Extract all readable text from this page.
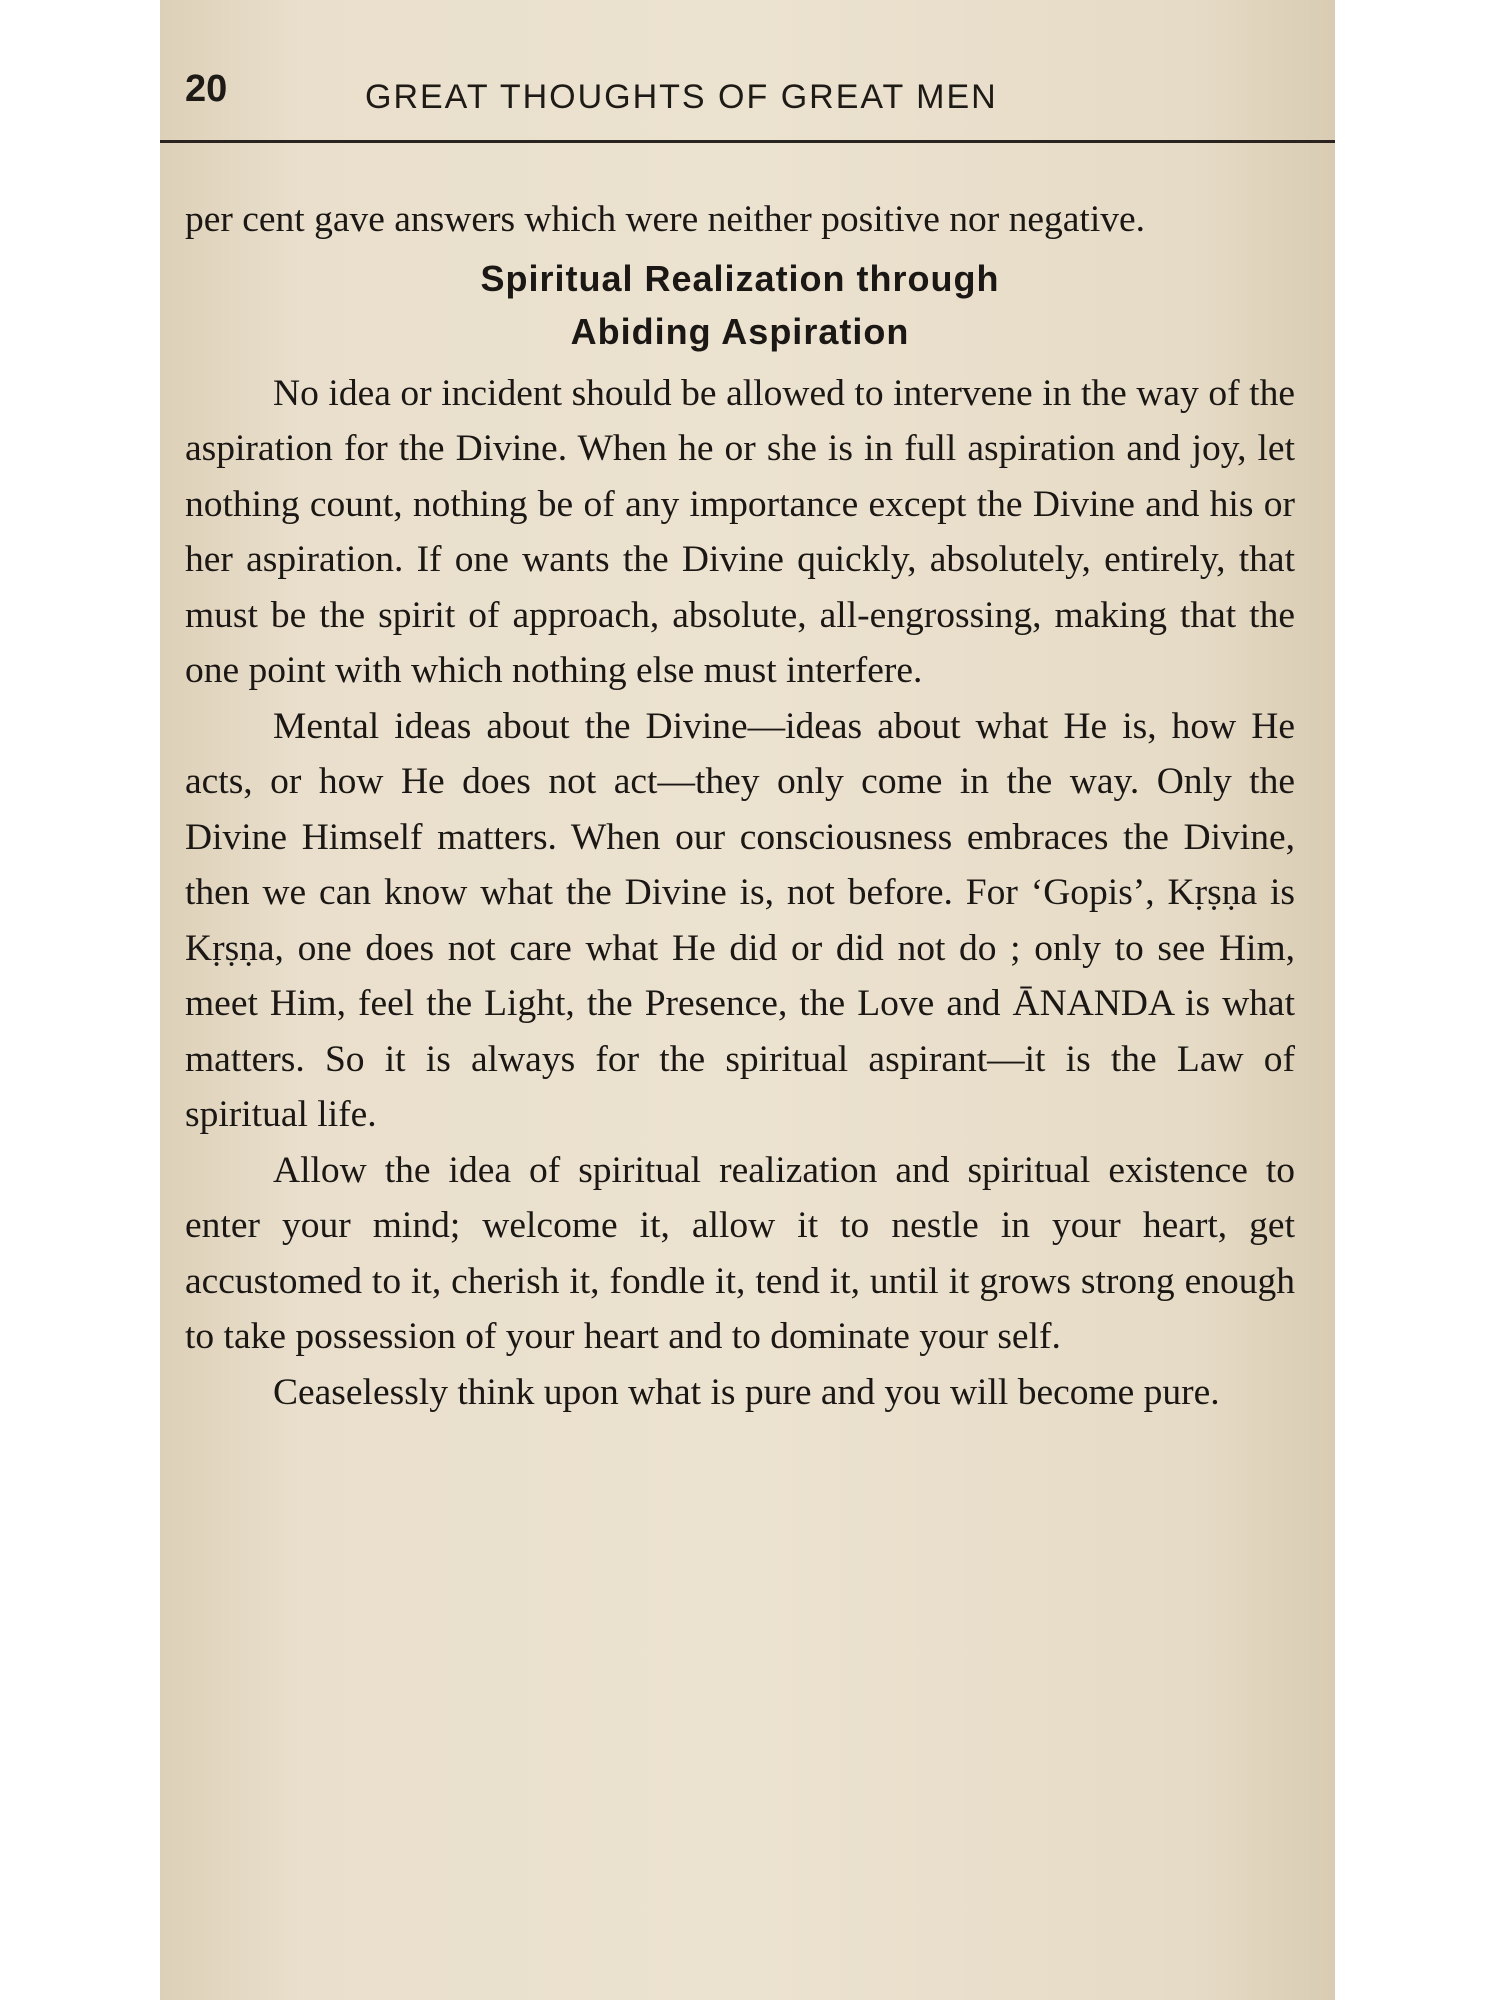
20	GREAT THOUGHTS OF GREAT MEN

per cent gave answers which were neither positive nor negative.

Spiritual Realization through
Abiding Aspiration

No idea or incident should be allowed to intervene in the way of the aspiration for the Divine. When he or she is in full aspiration and joy, let nothing count, nothing be of any importance except the Divine and his or her aspiration. If one wants the Divine quickly, absolutely, entirely, that must be the spirit of approach, absolute, all-engrossing, making that the one point with which nothing else must interfere.

Mental ideas about the Divine—ideas about what He is, how He acts, or how He does not act—they only come in the way. Only the Divine Himself matters. When our consciousness embraces the Divine, then we can know what the Divine is, not before. For ‘Gopis’, Kṛṣṇa is Kṛṣṇa, one does not care what He did or did not do ; only to see Him, meet Him, feel the Light, the Presence, the Love and ĀNANDA is what matters. So it is always for the spiritual aspirant—it is the Law of spiritual life.

Allow the idea of spiritual realization and spiritual existence to enter your mind; welcome it, allow it to nestle in your heart, get accustomed to it, cherish it, fondle it, tend it, until it grows strong enough to take possession of your heart and to dominate your self.

Ceaselessly think upon what is pure and you will become pure.
